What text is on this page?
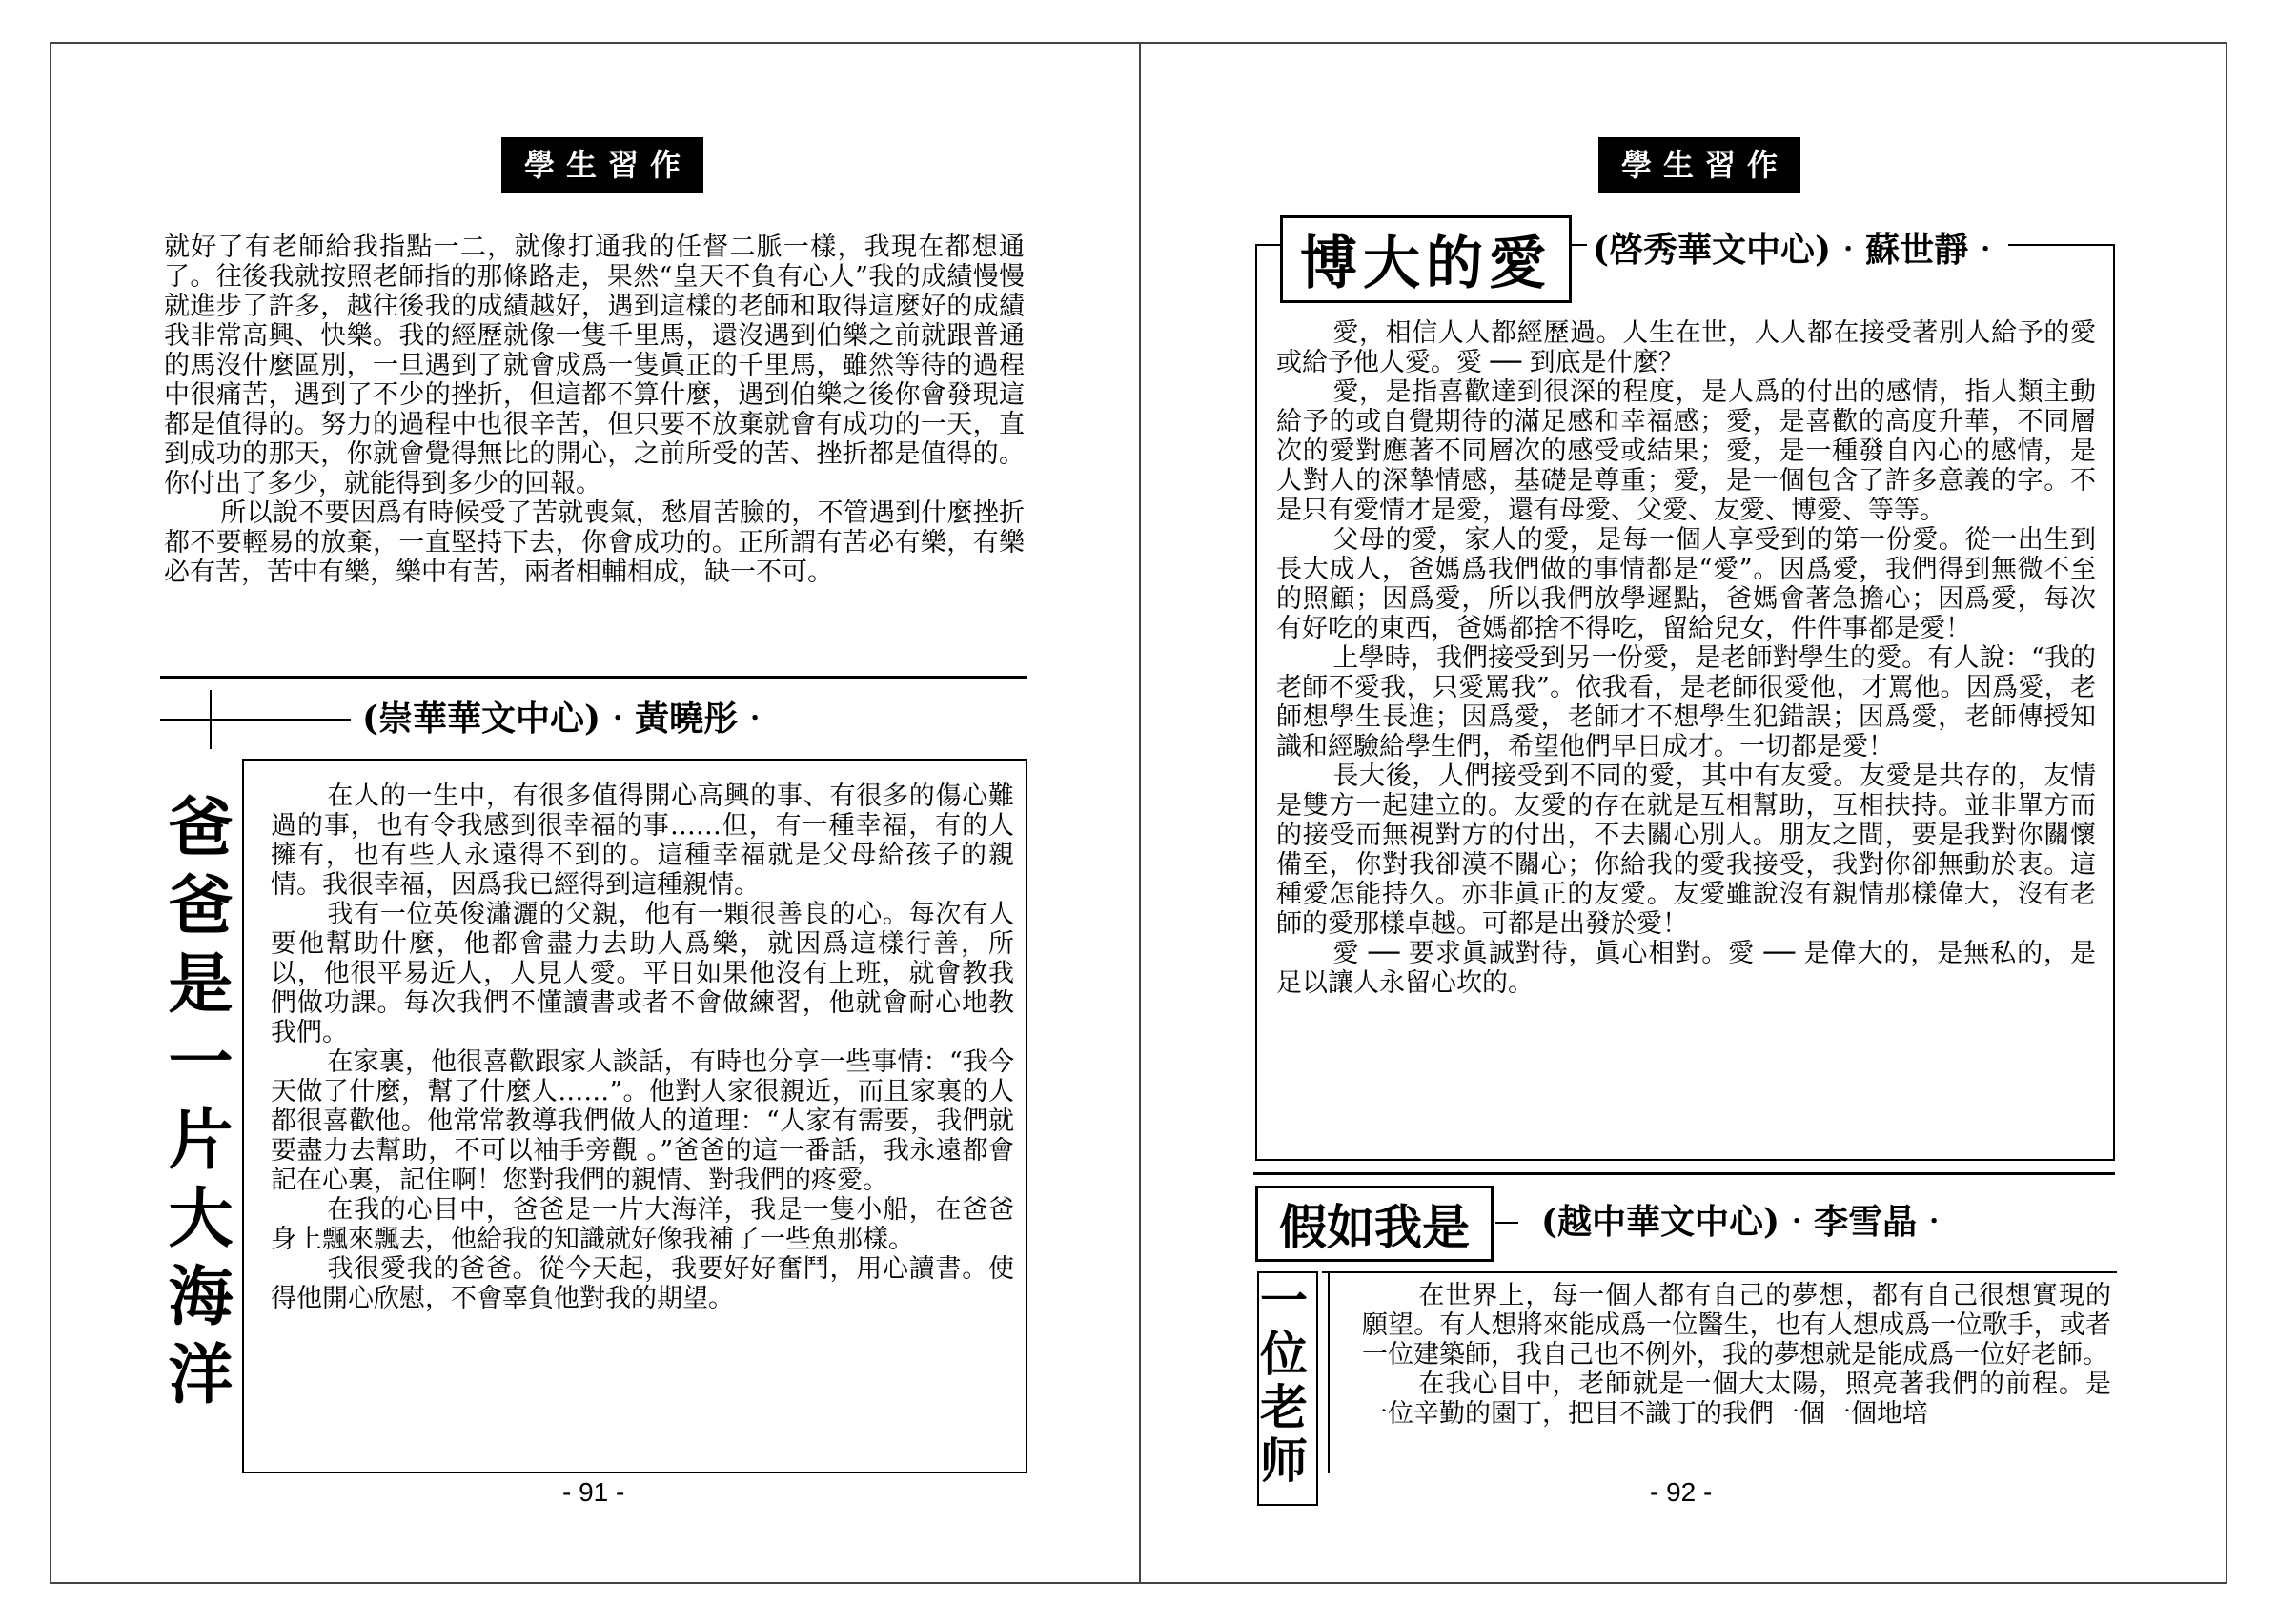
學生習作

就好了有老師給我指點一二，就像打通我的任督二脈一樣，我現在都想通了。往後我就按照老師指的那條路走，果然“皇天不負有心人”我的成績慢慢就進步了許多，越往後我的成績越好，遇到這樣的老師和取得這麼好的成績我非常高興、快樂。我的經歷就像一隻千里馬，還沒遇到伯樂之前就跟普通的馬沒什麼區別，一旦遇到了就會成爲一隻眞正的千里馬，雖然等待的過程中很痛苦，遇到了不少的挫折，但這都不算什麼，遇到伯樂之後你會發現這都是值得的。努力的過程中也很辛苦，但只要不放棄就會有成功的一天，直到成功的那天，你就會覺得無比的開心，之前所受的苦、挫折都是值得的。你付出了多少，就能得到多少的回報。

所以說不要因爲有時候受了苦就喪氣，愁眉苦臉的，不管遇到什麼挫折都不要輕易的放棄，一直堅持下去，你會成功的。正所謂有苦必有樂，有樂必有苦，苦中有樂，樂中有苦，兩者相輔相成，缺一不可。

(崇華華文中心)‧黃曉彤‧
爸爸是一片大海洋	在人的一生中，有很多值得開心高興的事、有很多的傷心難過的事，也有令我感到很幸福的事……但，有一種幸福，有的人擁有，也有些人永遠得不到的。這種幸福就是父母給孩子的親情。我很幸福，因爲我已經得到這種親情。

我有一位英俊瀟灑的父親，他有一顆很善良的心。每次有人要他幫助什麼，他都會盡力去助人爲樂，就因爲這樣行善，所以，他很平易近人，人見人愛。平日如果他沒有上班，就會教我們做功課。每次我們不懂讀書或者不會做練習，他就會耐心地教我們。

在家裏，他很喜歡跟家人談話，有時也分享一些事情：“我今天做了什麼，幫了什麼人……”。他對人家很親近，而且家裏的人都很喜歡他。他常常教導我們做人的道理：“人家有需要，我們就要盡力去幫助，不可以袖手旁觀 。”爸爸的這一番話，我永遠都會記在心裏，記住啊！您對我們的親情、對我們的疼愛。

在我的心目中，爸爸是一片大海洋，我是一隻小船，在爸爸身上飄來飄去，他給我的知識就好像我補了一些魚那樣。

我很愛我的爸爸。從今天起，我要好好奮鬥，用心讀書。使得他開心欣慰，不會辜負他對我的期望。

- 91 -
學生習作
博大的愛	(啓秀華文中心)‧蘇世靜‧

愛，相信人人都經歷過。人生在世，人人都在接受著別人給予的愛或給予他人愛。愛 ── 到底是什麼？

愛，是指喜歡達到很深的程度，是人爲的付出的感情，指人類主動給予的或自覺期待的滿足感和幸福感；愛，是喜歡的高度升華，不同層次的愛對應著不同層次的感受或結果；愛，是一種發自內心的感情，是人對人的深摯情感，基礎是尊重；愛，是一個包含了許多意義的字。不是只有愛情才是愛，還有母愛、父愛、友愛、博愛、等等。

父母的愛，家人的愛，是每一個人享受到的第一份愛。從一出生到長大成人，爸媽爲我們做的事情都是“愛”。因爲愛，我們得到無微不至的照顧；因爲愛，所以我們放學遲點，爸媽會著急擔心；因爲愛，每次有好吃的東西，爸媽都捨不得吃，留給兒女，件件事都是愛！

上學時，我們接受到另一份愛，是老師對學生的愛。有人說：“我的老師不愛我，只愛罵我”。依我看，是老師很愛他，才罵他。因爲愛，老師想學生長進；因爲愛，老師才不想學生犯錯誤；因爲愛，老師傳授知識和經驗給學生們，希望他們早日成才。一切都是愛！

長大後，人們接受到不同的愛，其中有友愛。友愛是共存的，友情是雙方一起建立的。友愛的存在就是互相幫助，互相扶持。並非單方而的接受而無視對方的付出，不去關心別人。朋友之間，要是我對你關懷備至，你對我卻漠不關心；你給我的愛我接受，我對你卻無動於衷。這種愛怎能持久。亦非眞正的友愛。友愛雖說沒有親情那樣偉大，沒有老師的愛那樣卓越。可都是出發於愛！

愛 ── 要求眞誠對待，眞心相對。愛 ── 是偉大的，是無私的，是足以讓人永留心坎的。

假如我是	(越中華文中心)‧李雪晶‧
一位老师	在世界上，每一個人都有自己的夢想，都有自己很想實現的願望。有人想將來能成爲一位醫生，也有人想成爲一位歌手，或者一位建築師，我自己也不例外，我的夢想就是能成爲一位好老師。

在我心目中，老師就是一個大太陽，照亮著我們的前程。是一位辛勤的園丁，把目不識丁的我們一個一個地培

- 92 -
